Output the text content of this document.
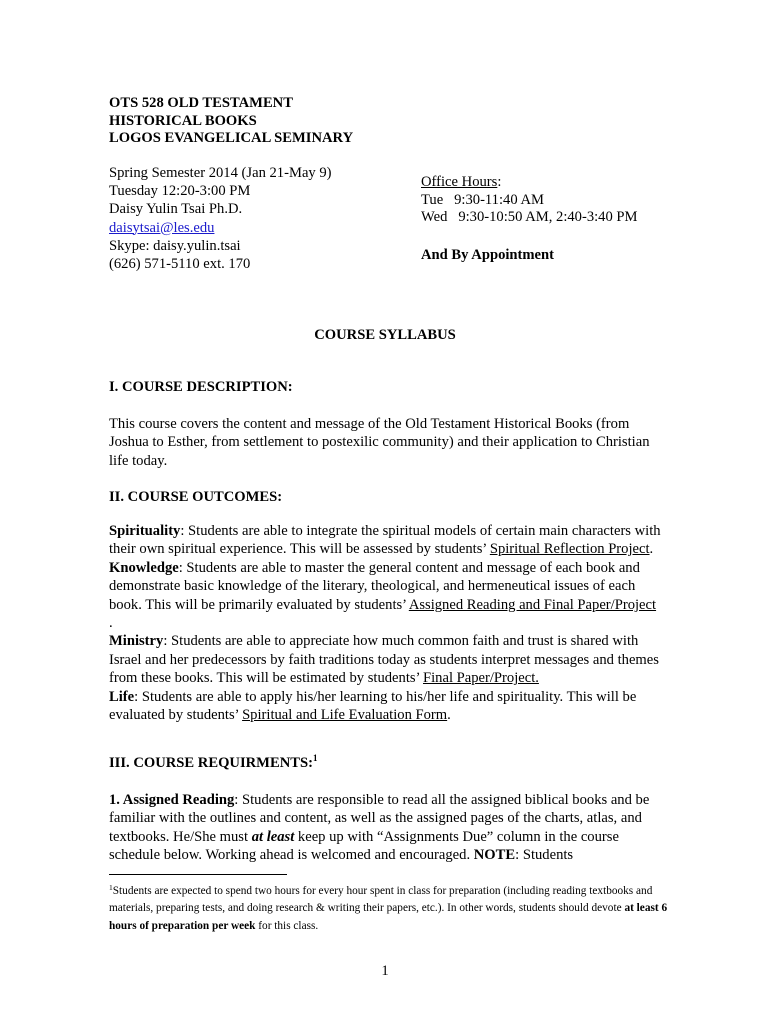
OTS 528 OLD TESTAMENT
HISTORICAL BOOKS
LOGOS EVANGELICAL SEMINARY
Spring Semester 2014 (Jan 21-May 9)
Tuesday 12:20-3:00 PM
Daisy Yulin Tsai Ph.D.
daisytsai@les.edu
Skype: daisy.yulin.tsai
(626) 571-5110 ext. 170
Office Hours:
Tue   9:30-11:40 AM
Wed   9:30-10:50 AM, 2:40-3:40 PM
And By Appointment
COURSE SYLLABUS
I. COURSE DESCRIPTION:

This course covers the content and message of the Old Testament Historical Books (from Joshua to Esther, from settlement to postexilic community) and their application to Christian life today.

II. COURSE OUTCOMES:

Spirituality: Students are able to integrate the spiritual models of certain main characters with their own spiritual experience. This will be assessed by students’ Spiritual Reflection Project.

Knowledge: Students are able to master the general content and message of each book and demonstrate basic knowledge of the literary, theological, and hermeneutical issues of each book. This will be primarily evaluated by students’ Assigned Reading and Final Paper/Project .

Ministry: Students are able to appreciate how much common faith and trust is shared with Israel and her predecessors by faith traditions today as students interpret messages and themes from these books. This will be estimated by students’ Final Paper/Project.

Life: Students are able to apply his/her learning to his/her life and spirituality. This will be evaluated by students’ Spiritual and Life Evaluation Form.

III. COURSE REQUIRMENTS:$^1$

1. Assigned Reading: Students are responsible to read all the assigned biblical books and be familiar with the outlines and content, as well as the assigned pages of the charts, atlas, and textbooks. He/She must at least keep up with “Assignments Due” column in the course schedule below. Working ahead is welcomed and encouraged. NOTE: Students

$^1$Students are expected to spend two hours for every hour spent in class for preparation (including reading textbooks and materials, preparing tests, and doing research & writing their papers, etc.). In other words, students should devote at least 6 hours of preparation per week for this class.
1
